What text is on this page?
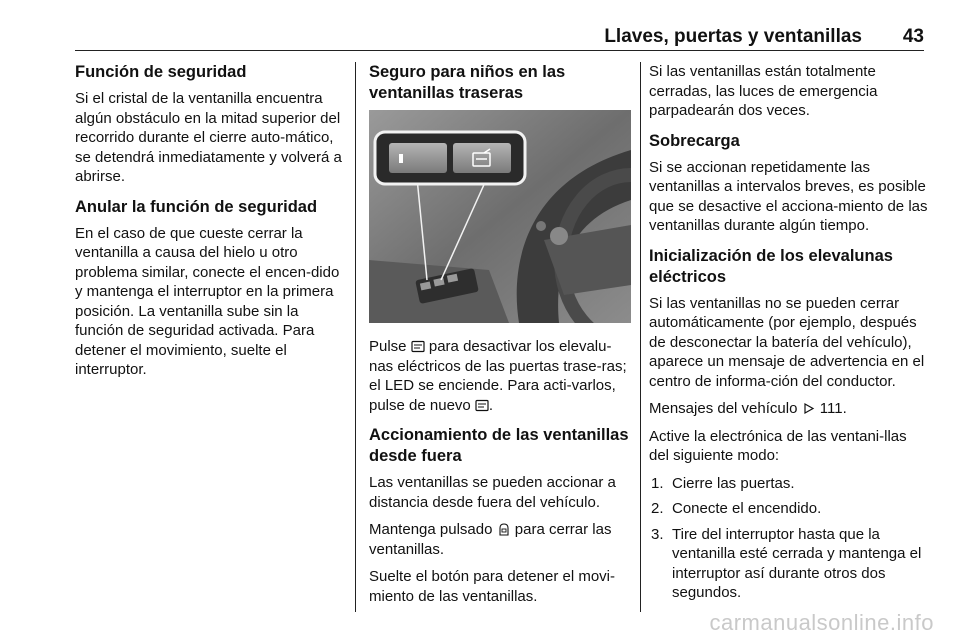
Llaves, puertas y ventanillas 43
Función de seguridad

Si el cristal de la ventanilla encuentra algún obstáculo en la mitad superior del recorrido durante el cierre auto-mático, se detendrá inmediatamente y volverá a abrirse.

Anular la función de seguridad

En el caso de que cueste cerrar la ventanilla a causa del hielo u otro problema similar, conecte el encen-dido y mantenga el interruptor en la primera posición. La ventanilla sube sin la función de seguridad activada. Para detener el movimiento, suelte el interruptor.

Seguro para niños en las ventanillas traseras

Pulse para desactivar los elevalu-nas eléctricos de las puertas trase-ras; el LED se enciende. Para acti-varlos, pulse de nuevo .

Accionamiento de las ventanillas desde fuera

Las ventanillas se pueden accionar a distancia desde fuera del vehículo.

Mantenga pulsado para cerrar las ventanillas.

Suelte el botón para detener el movi-miento de las ventanillas.

Si las ventanillas están totalmente cerradas, las luces de emergencia parpadearán dos veces.

Sobrecarga

Si se accionan repetidamente las ventanillas a intervalos breves, es posible que se desactive el acciona-miento de las ventanillas durante algún tiempo.

Inicialización de los elevalunas eléctricos

Si las ventanillas no se pueden cerrar automáticamente (por ejemplo, después de desconectar la batería del vehículo), aparece un mensaje de advertencia en el centro de informa-ción del conductor.

Mensajes del vehículo 111.

Active la electrónica de las ventani-llas del siguiente modo:

1. Cierre las puertas.
2. Conecte el encendido.
3. Tire del interruptor hasta que la ventanilla esté cerrada y mantenga el interruptor así durante otros dos segundos.
carmanualsonline.info
